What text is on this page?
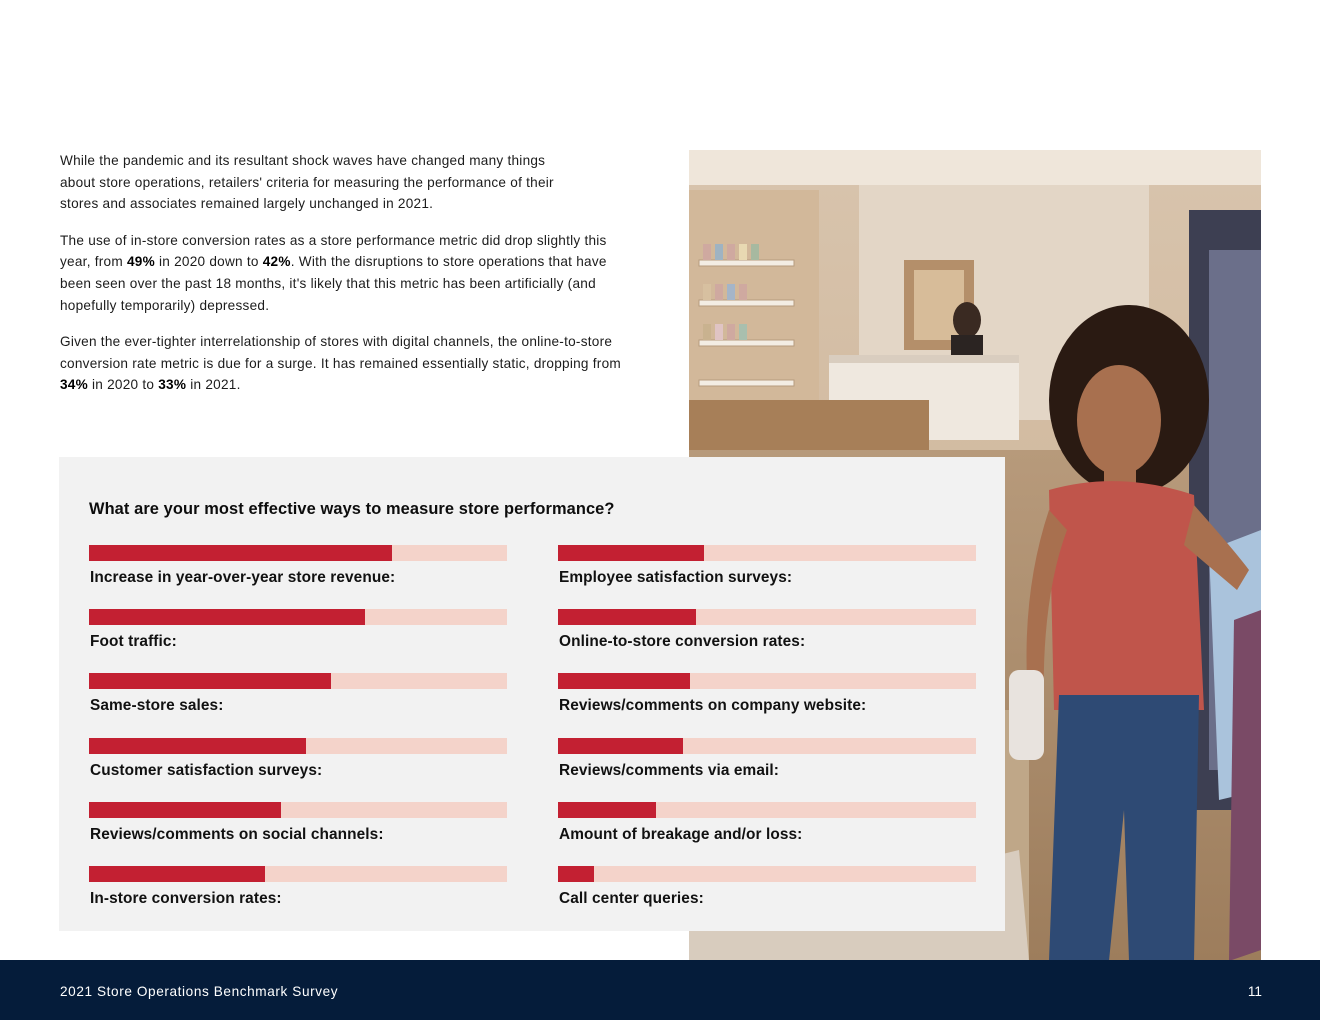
While the pandemic and its resultant shock waves have changed many things about store operations, retailers' criteria for measuring the performance of their stores and associates remained largely unchanged in 2021.

The use of in-store conversion rates as a store performance metric did drop slightly this year, from 49% in 2020 down to 42%. With the disruptions to store operations that have been seen over the past 18 months, it's likely that this metric has been artificially (and hopefully temporarily) depressed.

Given the ever-tighter interrelationship of stores with digital channels, the online-to-store conversion rate metric is due for a surge. It has remained essentially static, dropping from 34% in 2020 to 33% in 2021.

What are your most effective ways to measure store performance?
Increase in year-over-year store revenue:
Foot traffic:
Same-store sales:
Customer satisfaction surveys:
Reviews/comments on social channels:
In-store conversion rates:
Employee satisfaction surveys:
Online-to-store conversion rates:
Reviews/comments on company website:
Reviews/comments via email:
Amount of breakage and/or loss:
Call center queries:
2021 Store Operations Benchmark Survey	11
